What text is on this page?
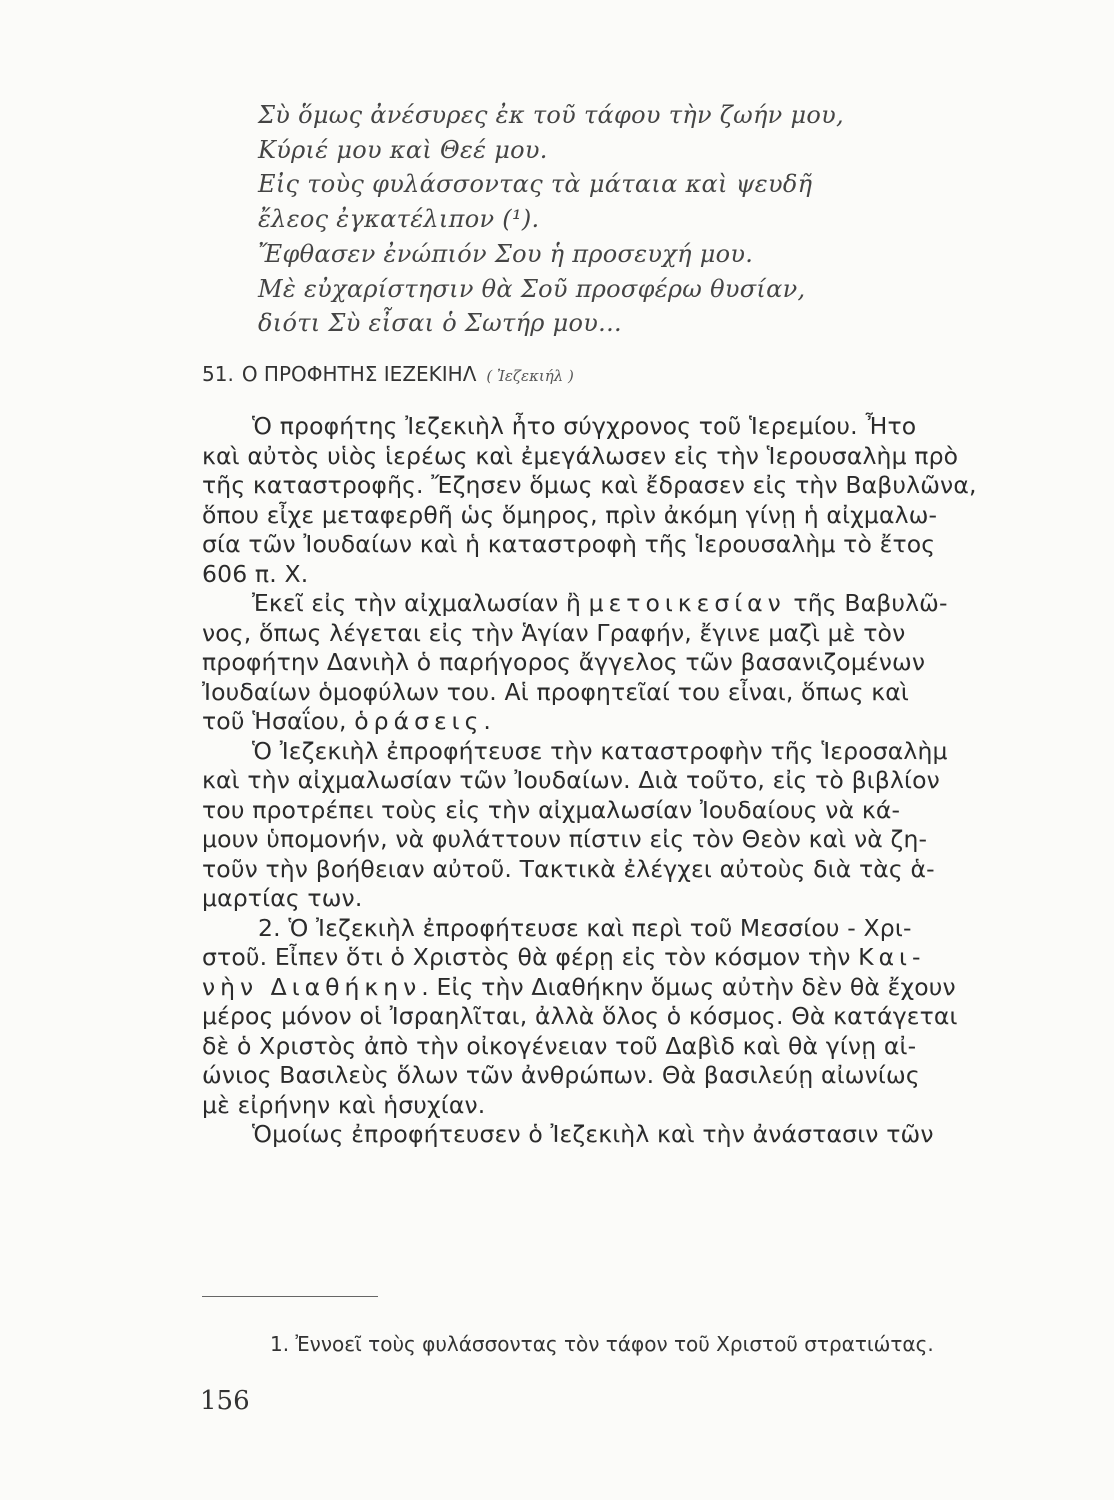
Σὺ ὅμως ἀνέσυρες ἐκ τοῦ τάφου τὴν ζωήν μου,
Κύριέ μου καὶ Θεέ μου.
Εἰς τοὺς φυλάσσοντας τὰ μάταια καὶ ψευδῆ
ἔλεος ἐγκατέλιπον (¹).
Ἔφθασεν ἐνώπιόν Σου ἡ προσευχή μου.
Μὲ εὐχαρίστησιν θὰ Σοῦ προσφέρω θυσίαν,
διότι Σὺ εἶσαι ὁ Σωτήρ μου...
51. Ο ΠΡΟΦΗΤΗΣ ΙΕΖΕΚΙΗΛ ( Ἰεζεκιήλ )
Ὁ προφήτης Ἰεζεκιὴλ ἦτο σύγχρονος τοῦ Ἱερεμίου. Ἦτο
καὶ αὐτὸς υἱὸς ἱερέως καὶ ἐμεγάλωσεν εἰς τὴν Ἱερουσαλὴμ πρὸ
τῆς καταστροφῆς. Ἔζησεν ὅμως καὶ ἔδρασεν εἰς τὴν Βαβυλῶνα,
ὅπου εἶχε μεταφερθῆ ὡς ὅμηρος, πρὶν ἀκόμη γίνῃ ἡ αἰχμαλω-
σία τῶν Ἰουδαίων καὶ ἡ καταστροφὴ τῆς Ἱερουσαλὴμ τὸ ἔτος
606 π. Χ.
Ἐκεῖ εἰς τὴν αἰχμαλωσίαν ἢ μετοικεσίαν τῆς Βαβυλῶ-
νος, ὅπως λέγεται εἰς τὴν Ἁγίαν Γραφήν, ἔγινε μαζὶ μὲ τὸν
προφήτην Δανιὴλ ὁ παρήγορος ἄγγελος τῶν βασανιζομένων
Ἰουδαίων ὁμοφύλων του. Αἱ προφητεῖαί του εἶναι, ὅπως καὶ
τοῦ Ἡσαΐου, ὁράσεις.
Ὁ Ἰεζεκιὴλ ἐπροφήτευσε τὴν καταστροφὴν τῆς Ἱεροσαλὴμ
καὶ τὴν αἰχμαλωσίαν τῶν Ἰουδαίων. Διὰ τοῦτο, εἰς τὸ βιβλίον
του προτρέπει τοὺς εἰς τὴν αἰχμαλωσίαν Ἰουδαίους νὰ κά-
μουν ὑπομονήν, νὰ φυλάττουν πίστιν εἰς τὸν Θεὸν καὶ νὰ ζη-
τοῦν τὴν βοήθειαν αὐτοῦ. Τακτικὰ ἐλέγχει αὐτοὺς διὰ τὰς ἁ-
μαρτίας των.
2. Ὁ Ἰεζεκιὴλ ἐπροφήτευσε καὶ περὶ τοῦ Μεσσίου - Χρι-
στοῦ. Εἶπεν ὅτι ὁ Χριστὸς θὰ φέρῃ εἰς τὸν κόσμον τὴν Και-
νὴν Διαθήκην. Εἰς τὴν Διαθήκην ὅμως αὐτὴν δὲν θὰ ἔχουν
μέρος μόνον οἱ Ἰσραηλῖται, ἀλλὰ ὅλος ὁ κόσμος. Θὰ κατάγεται
δὲ ὁ Χριστὸς ἀπὸ τὴν οἰκογένειαν τοῦ Δαβὶδ καὶ θὰ γίνῃ αἰ-
ώνιος Βασιλεὺς ὅλων τῶν ἀνθρώπων. Θὰ βασιλεύῃ αἰωνίως
μὲ εἰρήνην καὶ ἡσυχίαν.
Ὁμοίως ἐπροφήτευσεν ὁ Ἰεζεκιὴλ καὶ τὴν ἀνάστασιν τῶν
1. Ἐννοεῖ τοὺς φυλάσσοντας τὸν τάφον τοῦ Χριστοῦ στρατιώτας.
156
